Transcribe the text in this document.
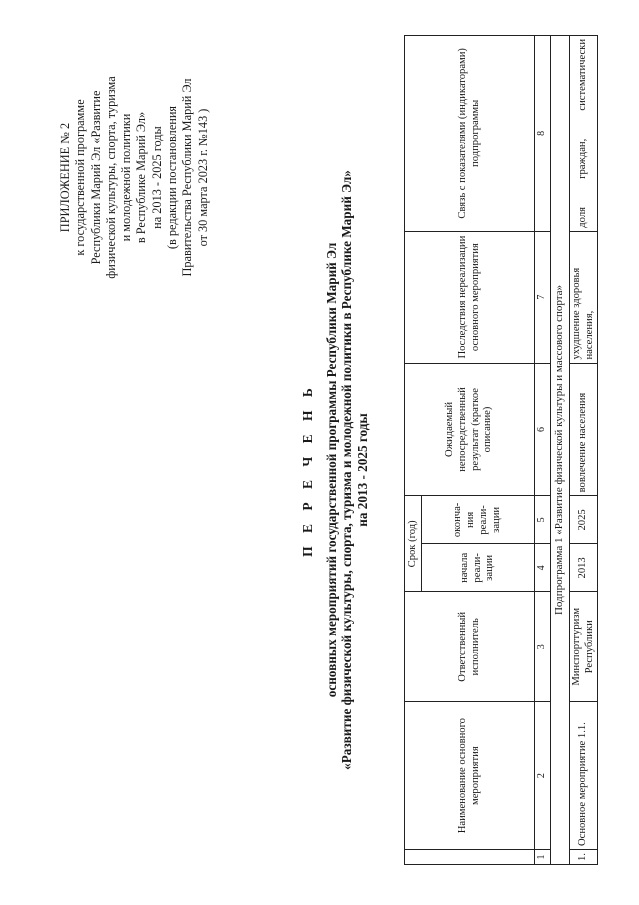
ПРИЛОЖЕНИЕ № 2 к государственной программе Республики Марий Эл «Развитие физической культуры, спорта, туризма и молодежной политики в Республике Марий Эл» на 2013 - 2025 годы (в редакции постановления Правительства Республики Марий Эл от 30 марта 2023 г. №143 )
П Е Р Е Ч Е Н Ь основных мероприятий государственной программы Республики Марий Эл «Развитие физической культуры, спорта, туризма и молодежной политики в Республике Марий Эл» на 2013 - 2025 годы
	Наименование основного мероприятия	Ответственный исполнитель	Срок (год)		Ожидаемый непосредственный результат (краткое описание)	Последствия нереализации основного мероприятия	Связь с показателями (индикаторами) подпрограммы
			начала реали-зации	оконча-ния реали-зации			
1	2	3	4	5	6	7	8
Подпрограмма 1 «Развитие физической культуры и массового спорта»							
1.	Основное мероприятие 1.1.	Минспорттуризм Республики	2013	2025	вовлечение населения	ухудшение здоровья населения,	доля граждан, систематически
